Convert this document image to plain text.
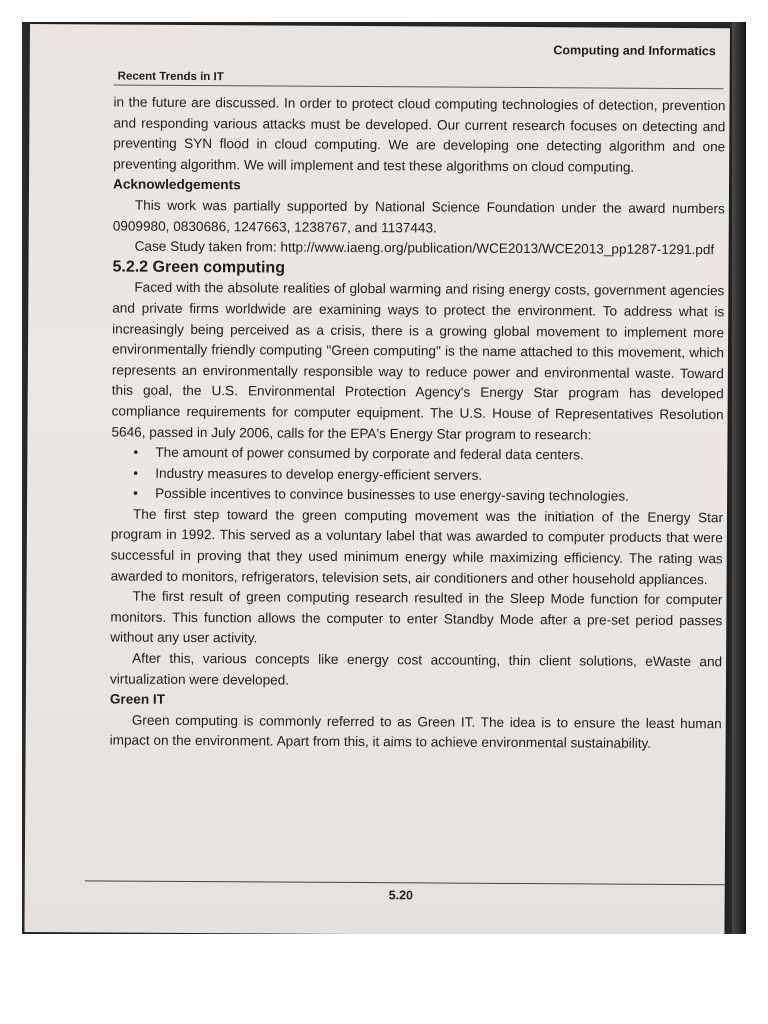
Computing and Informatics
Recent Trends in IT

in the future are discussed. In order to protect cloud computing technologies of detection, prevention and responding various attacks must be developed. Our current research focuses on detecting and preventing SYN flood in cloud computing. We are developing one detecting algorithm and one preventing algorithm. We will implement and test these algorithms on cloud computing.

Acknowledgements

This work was partially supported by National Science Foundation under the award numbers 0909980, 0830686, 1247663, 1238767, and 1137443.

Case Study taken from: http://www.iaeng.org/publication/WCE2013/WCE2013_pp1287-1291.pdf

5.2.2 Green computing

Faced with the absolute realities of global warming and rising energy costs, government agencies and private firms worldwide are examining ways to protect the environment. To address what is increasingly being perceived as a crisis, there is a growing global movement to implement more environmentally friendly computing "Green computing" is the name attached to this movement, which represents an environmentally responsible way to reduce power and environmental waste. Toward this goal, the U.S. Environmental Protection Agency's Energy Star program has developed compliance requirements for computer equipment. The U.S. House of Representatives Resolution 5646, passed in July 2006, calls for the EPA's Energy Star program to research:

• The amount of power consumed by corporate and federal data centers.
• Industry measures to develop energy-efficient servers.
• Possible incentives to convince businesses to use energy-saving technologies.

The first step toward the green computing movement was the initiation of the Energy Star program in 1992. This served as a voluntary label that was awarded to computer products that were successful in proving that they used minimum energy while maximizing efficiency. The rating was awarded to monitors, refrigerators, television sets, air conditioners and other household appliances.

The first result of green computing research resulted in the Sleep Mode function for computer monitors. This function allows the computer to enter Standby Mode after a pre-set period passes without any user activity.

After this, various concepts like energy cost accounting, thin client solutions, eWaste and virtualization were developed.

Green IT

Green computing is commonly referred to as Green IT. The idea is to ensure the least human impact on the environment. Apart from this, it aims to achieve environmental sustainability.

5.20
